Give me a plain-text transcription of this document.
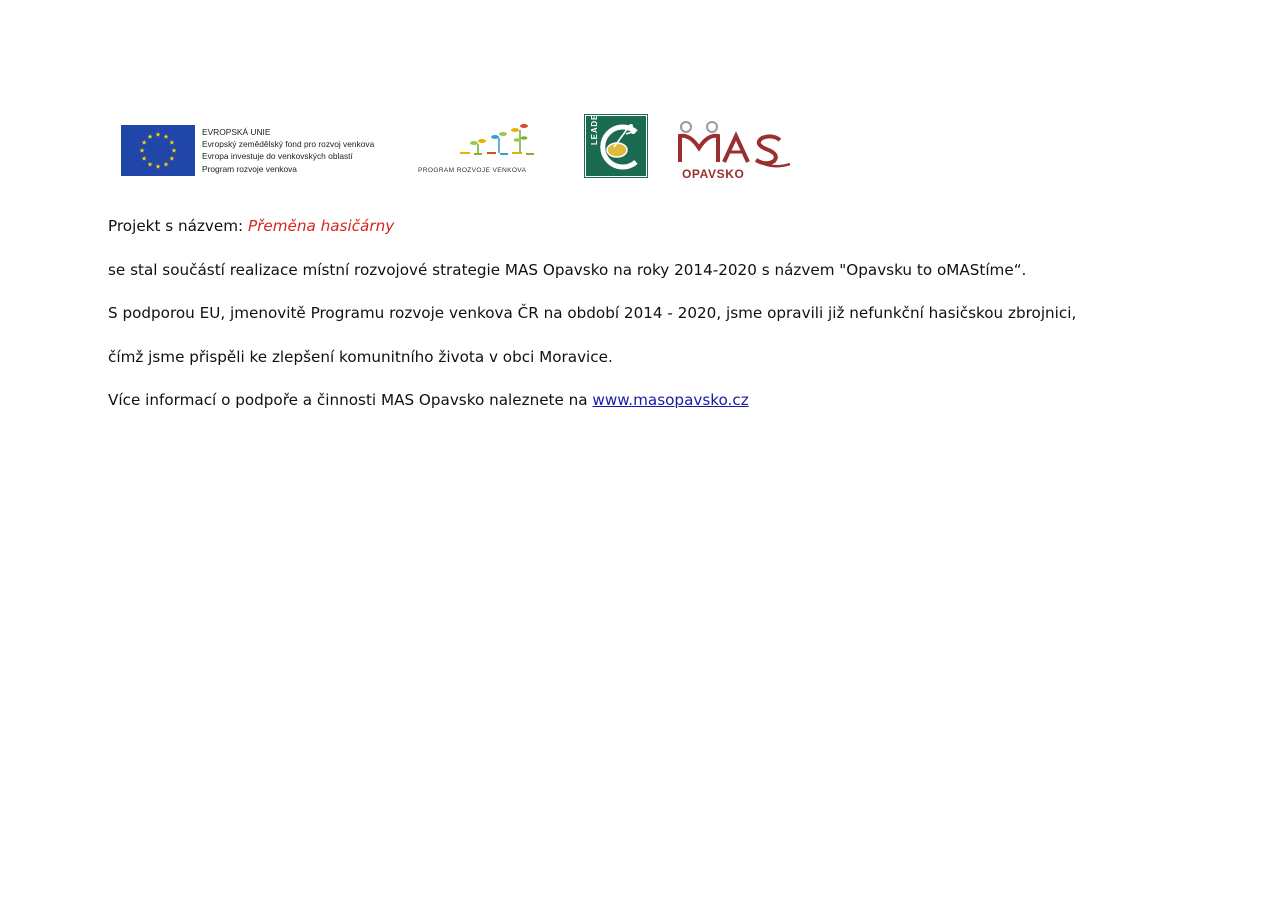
EVROPSKÁ UNIE
Evropský zemědělský fond pro rozvoj venkova
Evropa investuje do venkovských oblastí
Program rozvoje venkova	PROGRAM ROZVOJE VENKOVA
LEADER	MAS
OPAVSKO

Projekt s názvem: Přeměna hasičárny

se stal součástí realizace místní rozvojové strategie MAS Opavsko na roky 2014-2020 s názvem "Opavsku to oMAStíme“.

S podporou EU, jmenovitě Programu rozvoje venkova ČR na období 2014 - 2020, jsme opravili již nefunkční hasičskou zbrojnici,

čímž jsme přispěli ke zlepšení komunitního života v obci Moravice.

Více informací o podpoře a činnosti MAS Opavsko naleznete na www.masopavsko.cz
